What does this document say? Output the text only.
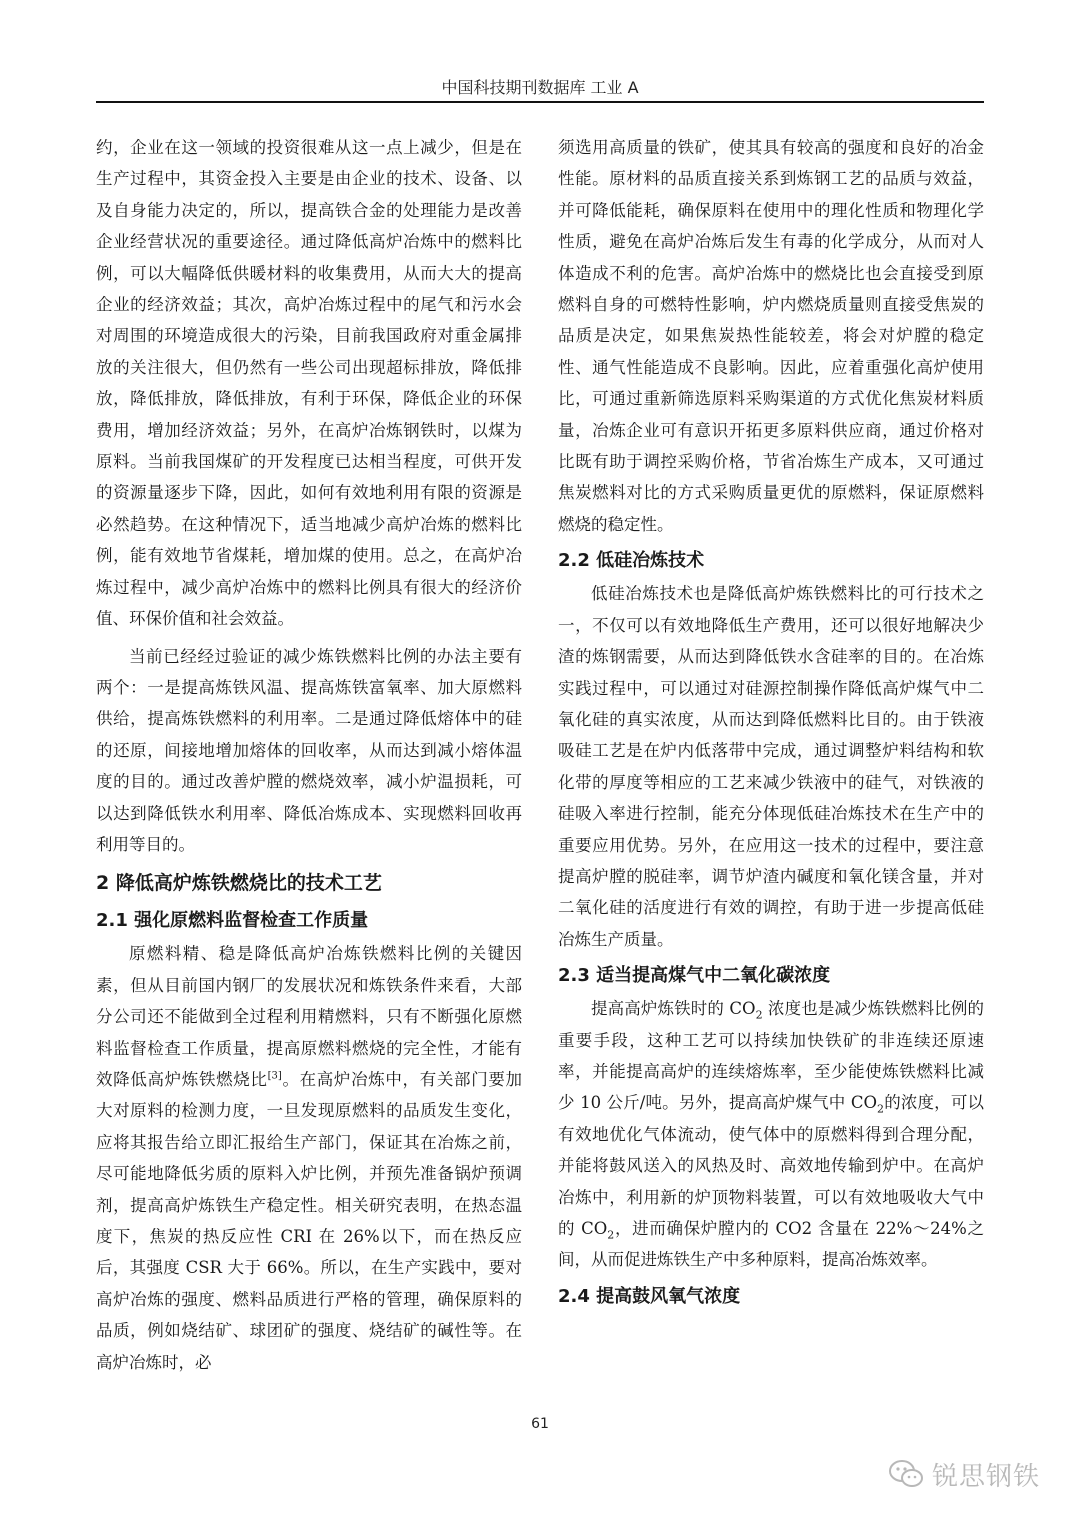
中国科技期刊数据库 工业 A

约，企业在这一领域的投资很难从这一点上减少，但是在生产过程中，其资金投入主要是由企业的技术、设备、以及自身能力决定的，所以，提高铁合金的处理能力是改善企业经营状况的重要途径。通过降低高炉冶炼中的燃料比例，可以大幅降低供暖材料的收集费用，从而大大的提高企业的经济效益；其次，高炉冶炼过程中的尾气和污水会对周围的环境造成很大的污染，目前我国政府对重金属排放的关注很大，但仍然有一些公司出现超标排放，降低排放，降低排放，降低排放，有利于环保，降低企业的环保费用，增加经济效益；另外，在高炉冶炼钢铁时，以煤为原料。当前我国煤矿的开发程度已达相当程度，可供开发的资源量逐步下降，因此，如何有效地利用有限的资源是必然趋势。在这种情况下，适当地减少高炉冶炼的燃料比例，能有效地节省煤耗，增加煤的使用。总之，在高炉冶炼过程中，减少高炉冶炼中的燃料比例具有很大的经济价值、环保价值和社会效益。

当前已经经过验证的减少炼铁燃料比例的办法主要有两个：一是提高炼铁风温、提高炼铁富氧率、加大原燃料供给，提高炼铁燃料的利用率。二是通过降低熔体中的硅的还原，间接地增加熔体的回收率，从而达到减小熔体温度的目的。通过改善炉膛的燃烧效率，减小炉温损耗，可以达到降低铁水利用率、降低冶炼成本、实现燃料回收再利用等目的。

2 降低高炉炼铁燃烧比的技术工艺
2.1 强化原燃料监督检查工作质量

原燃料精、稳是降低高炉冶炼铁燃料比例的关键因素，但从目前国内钢厂的发展状况和炼铁条件来看，大部分公司还不能做到全过程利用精燃料，只有不断强化原燃料监督检查工作质量，提高原燃料燃烧的完全性，才能有效降低高炉炼铁燃烧比[3]。在高炉冶炼中，有关部门要加大对原料的检测力度，一旦发现原燃料的品质发生变化，应将其报告给立即汇报给生产部门，保证其在冶炼之前，尽可能地降低劣质的原料入炉比例，并预先准备锅炉预调剂，提高高炉炼铁生产稳定性。相关研究表明，在热态温度下，焦炭的热反应性 CRI 在 26%以下，而在热反应后，其强度 CSR 大于 66%。所以，在生产实践中，要对高炉冶炼的强度、燃料品质进行严格的管理，确保原料的品质，例如烧结矿、球团矿的强度、烧结矿的碱性等。在高炉冶炼时，必

须选用高质量的铁矿，使其具有较高的强度和良好的冶金性能。原材料的品质直接关系到炼钢工艺的品质与效益，并可降低能耗，确保原料在使用中的理化性质和物理化学性质，避免在高炉冶炼后发生有毒的化学成分，从而对人体造成不利的危害。高炉冶炼中的燃烧比也会直接受到原燃料自身的可燃特性影响，炉内燃烧质量则直接受焦炭的品质是决定，如果焦炭热性能较差，将会对炉膛的稳定性、通气性能造成不良影响。因此，应着重强化高炉使用比，可通过重新筛选原料采购渠道的方式优化焦炭材料质量，冶炼企业可有意识开拓更多原料供应商，通过价格对比既有助于调控采购价格，节省冶炼生产成本，又可通过焦炭燃料对比的方式采购质量更优的原燃料，保证原燃料燃烧的稳定性。

2.2 低硅冶炼技术

低硅冶炼技术也是降低高炉炼铁燃料比的可行技术之一，不仅可以有效地降低生产费用，还可以很好地解决少渣的炼钢需要，从而达到降低铁水含硅率的目的。在冶炼实践过程中，可以通过对硅源控制操作降低高炉煤气中二氧化硅的真实浓度，从而达到降低燃料比目的。由于铁液吸硅工艺是在炉内低落带中完成，通过调整炉料结构和软化带的厚度等相应的工艺来减少铁液中的硅气，对铁液的硅吸入率进行控制，能充分体现低硅冶炼技术在生产中的重要应用优势。另外，在应用这一技术的过程中，要注意提高炉膛的脱硅率，调节炉渣内碱度和氧化镁含量，并对二氧化硅的活度进行有效的调控，有助于进一步提高低硅冶炼生产质量。

2.3 适当提高煤气中二氧化碳浓度

提高高炉炼铁时的 $CO_2$ 浓度也是减少炼铁燃料比例的重要手段，这种工艺可以持续加快铁矿的非连续还原速率，并能提高高炉的连续熔炼率，至少能使炼铁燃料比减少 10 公斤/吨。另外，提高高炉煤气中 $CO_2$的浓度，可以有效地优化气体流动，使气体中的原燃料得到合理分配，并能将鼓风送入的风热及时、高效地传输到炉中。在高炉冶炼中，利用新的炉顶物料装置，可以有效地吸收大气中的 $CO_2$，进而确保炉膛内的 CO2 含量在 22%～24%之间，从而促进炼铁生产中多种原料，提高冶炼效率。

2.4 提高鼓风氧气浓度
61
锐思钢铁
